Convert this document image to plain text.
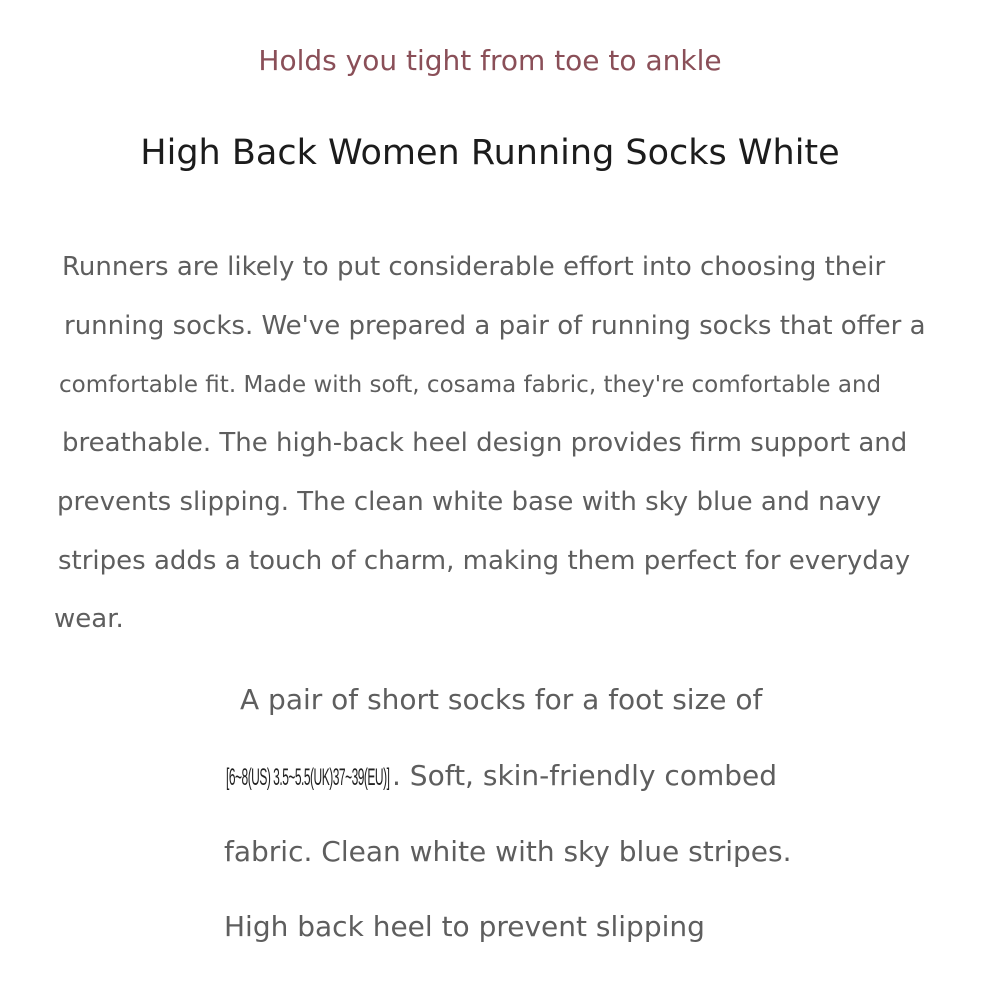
Holds you tight from toe to ankle
High Back Women Running Socks White
Runners are likely to put considerable effort into choosing their
running socks. We've prepared a pair of running socks that offer a
comfortable fit. Made with soft, cosama fabric, they're comfortable and
breathable. The high-back heel design provides firm support and
prevents slipping. The clean white base with sky blue and navy
stripes adds a touch of charm, making them perfect for everyday
wear.
A pair of short socks for a foot size of
[6~8(US) 3.5~5.5(UK)37~39(EU)]. Soft, skin-friendly combed
fabric. Clean white with sky blue stripes.
High back heel to prevent slipping
